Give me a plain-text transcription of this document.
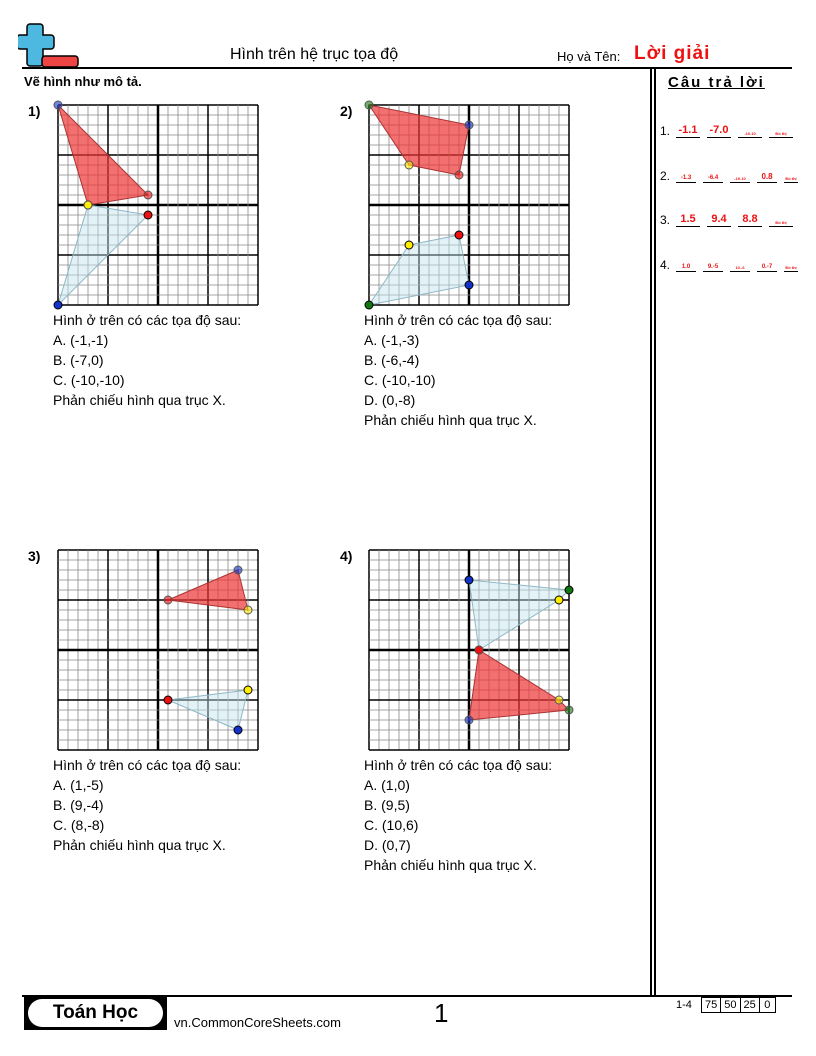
Hình trên hệ trục tọa độ	Họ và Tên: Lời giải
Vẽ hình như mô tả.	Câu trả lời
1. -1.1 -7.0	-10.10	Đồ thị
2.	-1.3	-6.4	-10.10	0.8	Đồ thị
3. 1.5	9.4	8.8	Đồ thị
4.	1.0	9.-5	10.-6	0.-7	Đồ thị
1)
Hình ở trên có các tọa độ sau:
A. (-1,-1)
B. (-7,0)
C. (-10,-10)
Phản chiếu hình qua trục X.
2)
Hình ở trên có các tọa độ sau:
A. (-1,-3)
B. (-6,-4)
C. (-10,-10)
D. (0,-8)
Phản chiếu hình qua trục X.
3)
Hình ở trên có các tọa độ sau:
A. (1,-5)
B. (9,-4)
C. (8,-8)
Phản chiếu hình qua trục X.
4)
Hình ở trên có các tọa độ sau:
A. (1,0)
B. (9,5)
C. (10,6)
D. (0,7)
Phản chiếu hình qua trục X.
Toán Học	vn.CommonCoreSheets.com	1	1-4 75 50 25 0
